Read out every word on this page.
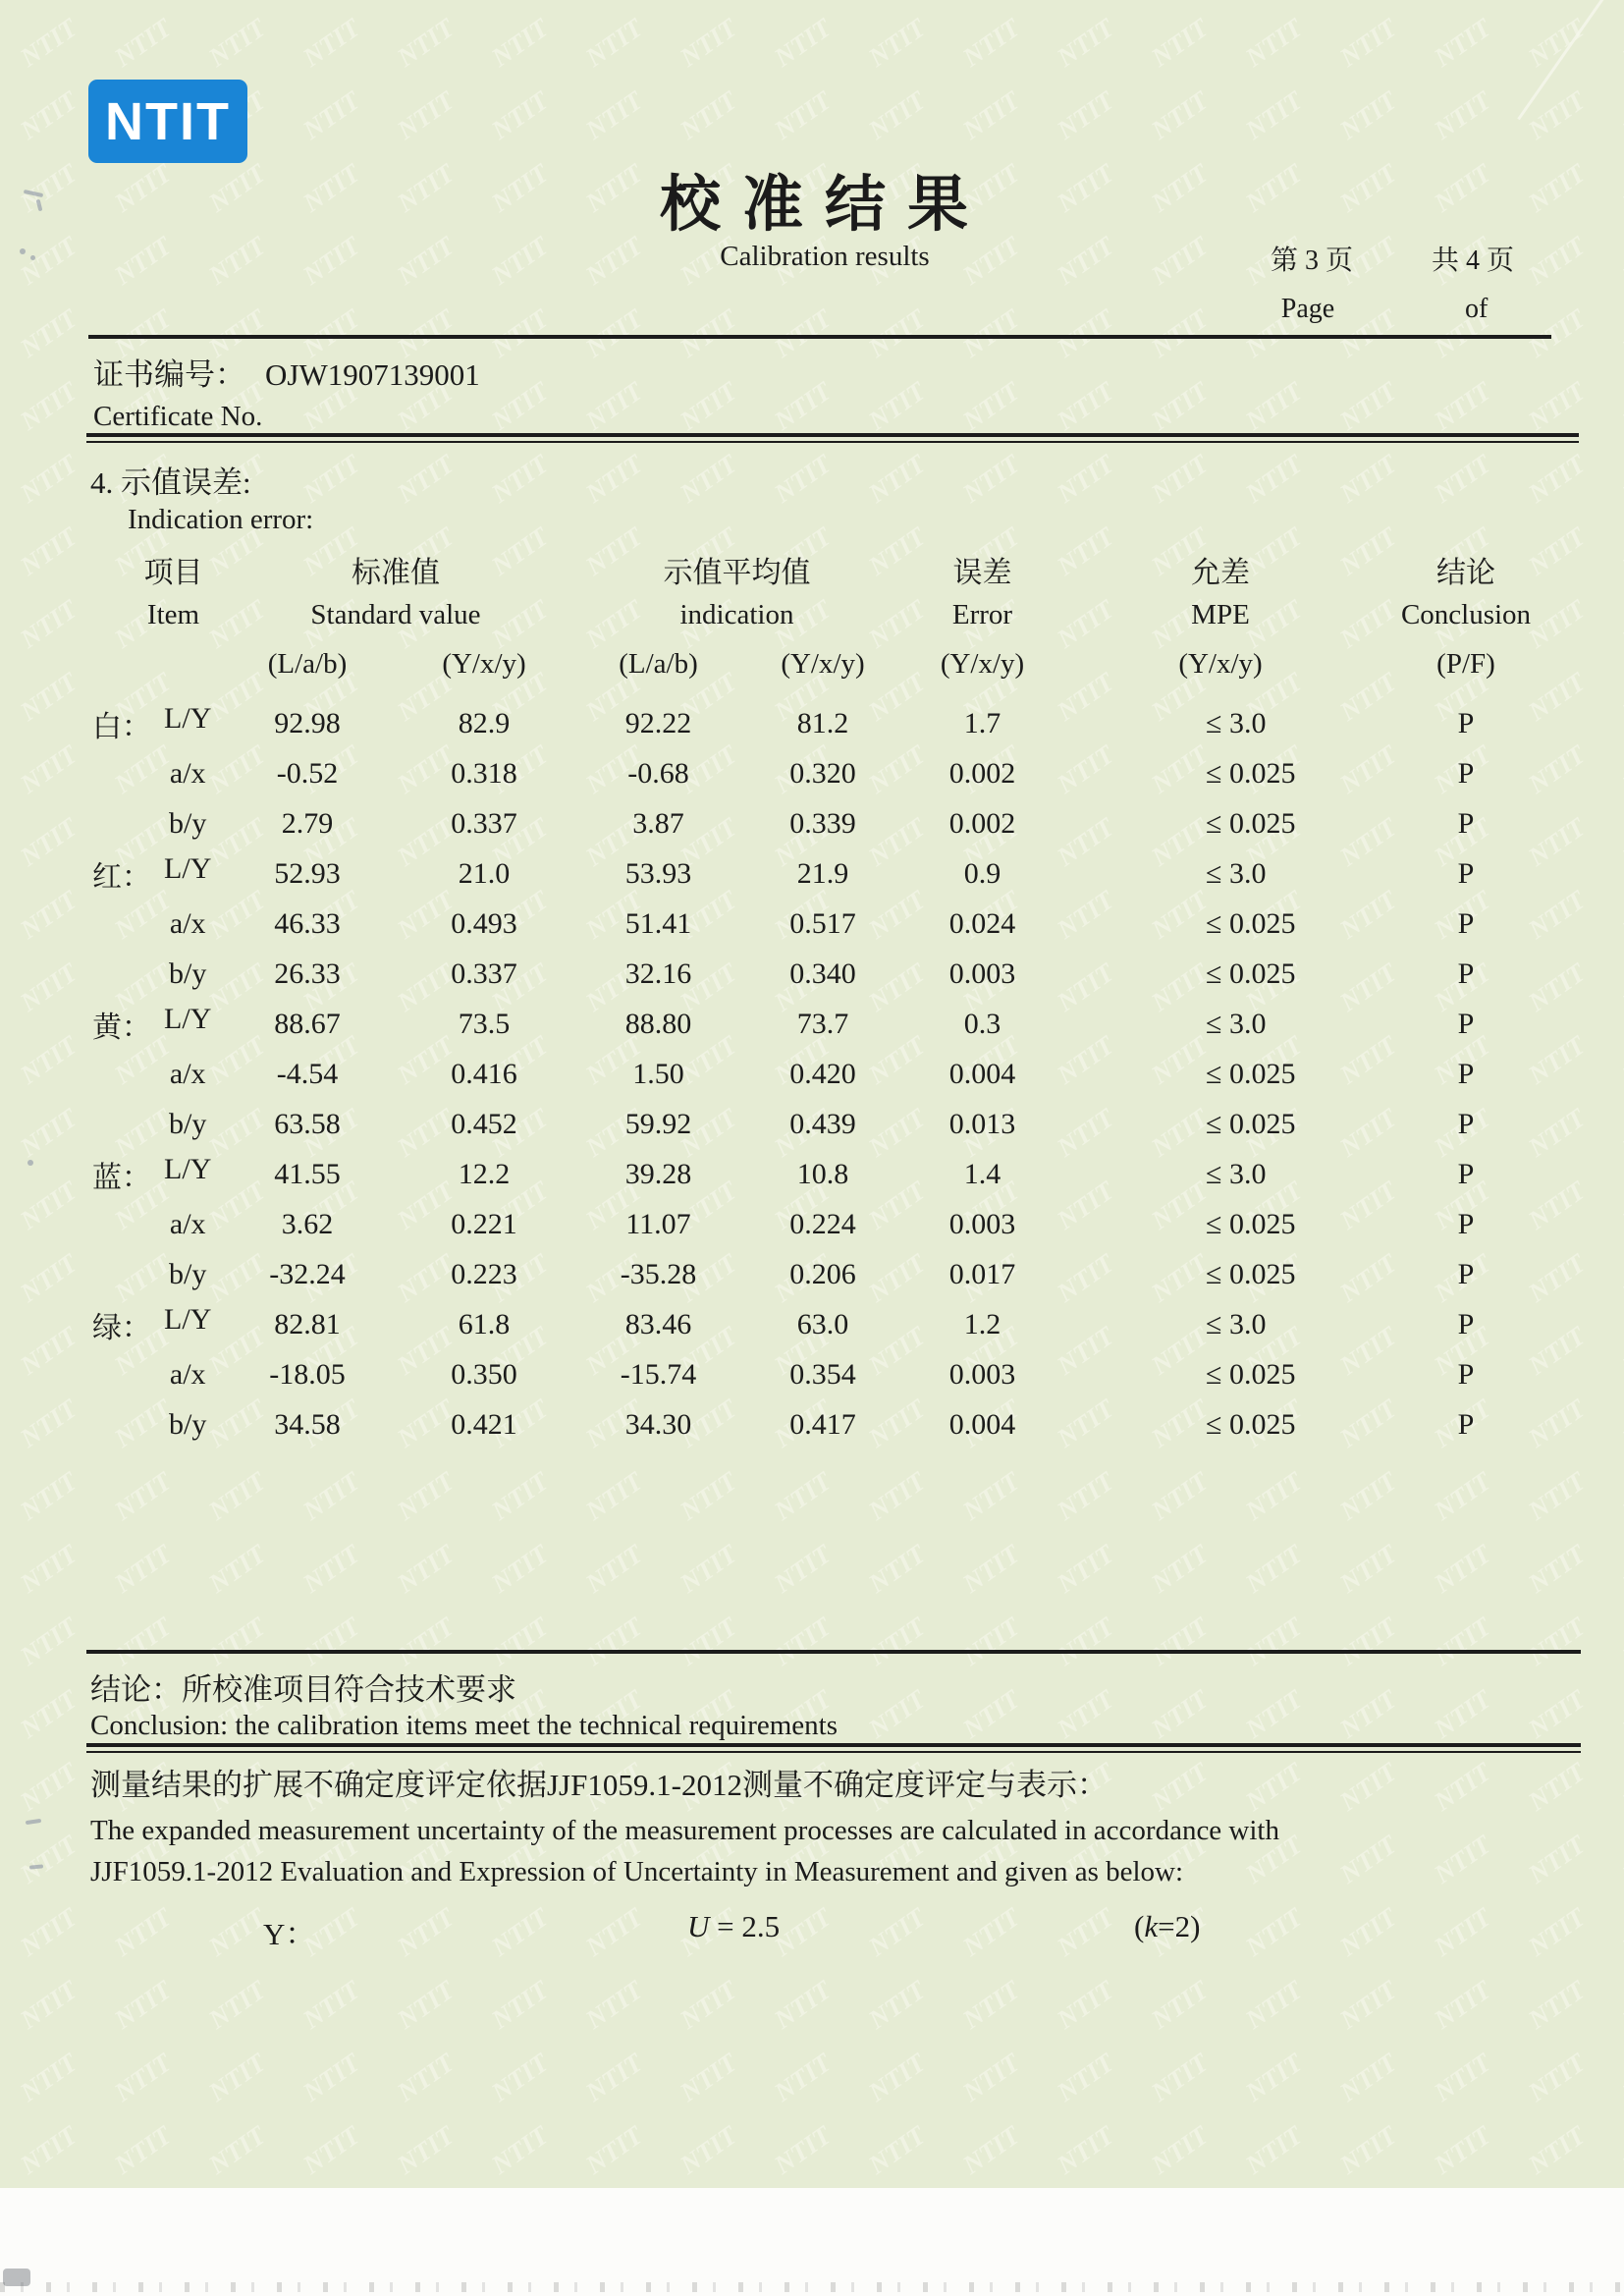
NTIT
校准结果
Calibration results	第 3 页	共 4 页
Page	of
证书编号： OJW1907139001
Certificate No.
4. 示值误差:
Indication error:
项目	标准值	示值平均值	误差	允差	结论
Item	Standard value	indication	Error	MPE	Conclusion
(L/a/b)	(Y/x/y)	(L/a/b)	(Y/x/y)	(Y/x/y)	(Y/x/y)	(P/F)
白： L/Y	92.98	82.9	92.22	81.2	1.7	≤ 3.0	P
a/x	-0.52	0.318	-0.68	0.320	0.002	≤ 0.025	P
b/y	2.79	0.337	3.87	0.339	0.002	≤ 0.025	P
红： L/Y	52.93	21.0	53.93	21.9	0.9	≤ 3.0	P
a/x	46.33	0.493	51.41	0.517	0.024	≤ 0.025	P
b/y	26.33	0.337	32.16	0.340	0.003	≤ 0.025	P
黄： L/Y	88.67	73.5	88.80	73.7	0.3	≤ 3.0	P
a/x	-4.54	0.416	1.50	0.420	0.004	≤ 0.025	P
b/y	63.58	0.452	59.92	0.439	0.013	≤ 0.025	P
蓝： L/Y	41.55	12.2	39.28	10.8	1.4	≤ 3.0	P
a/x	3.62	0.221	11.07	0.224	0.003	≤ 0.025	P
b/y	-32.24	0.223	-35.28	0.206	0.017	≤ 0.025	P
绿： L/Y	82.81	61.8	83.46	63.0	1.2	≤ 3.0	P
a/x	-18.05	0.350	-15.74	0.354	0.003	≤ 0.025	P
b/y	34.58	0.421	34.30	0.417	0.004	≤ 0.025	P
结论：所校准项目符合技术要求
Conclusion: the calibration items meet the technical requirements
测量结果的扩展不确定度评定依据JJF1059.1-2012测量不确定度评定与表示：
The expanded measurement uncertainty of the measurement processes are calculated in accordance with
JJF1059.1-2012 Evaluation and Expression of Uncertainty in Measurement and given as below:
Y：	U = 2.5	(k=2)
